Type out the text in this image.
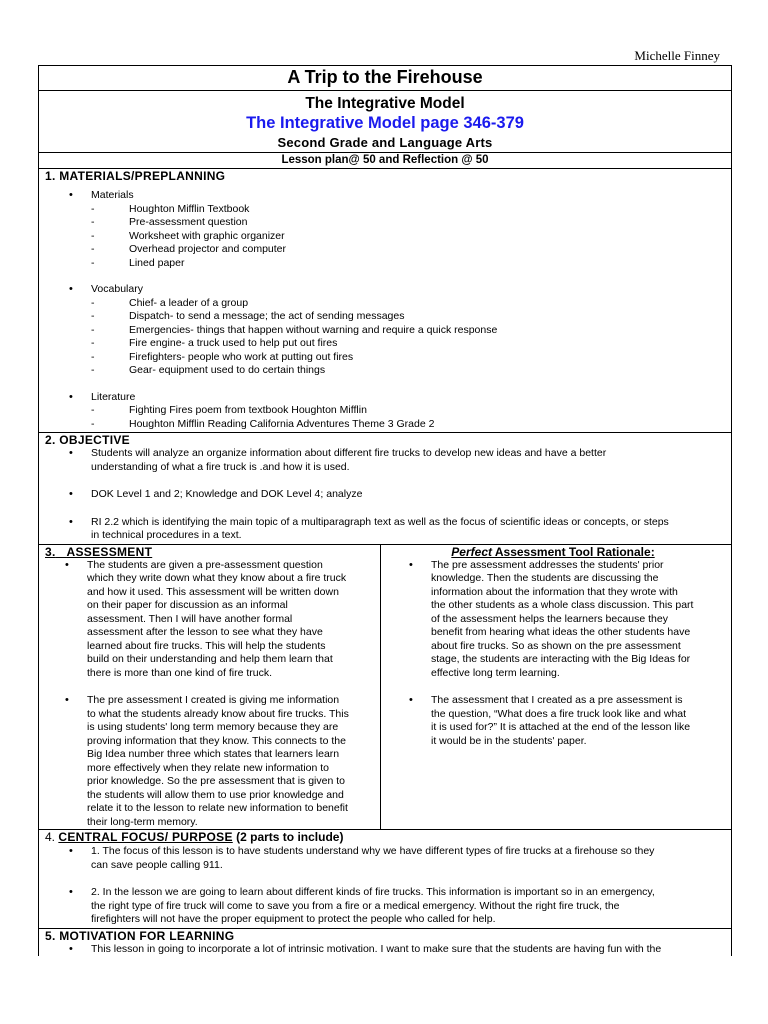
Michelle Finney
A Trip to the Firehouse
The Integrative Model
The Integrative Model page 346-379
Second Grade and Language Arts
Lesson plan@ 50 and Reflection @ 50
1. MATERIALS/PREPLANNING
• Materials
-	Houghton Mifflin Textbook
-	Pre-assessment question
-	Worksheet with graphic organizer
-	Overhead projector and computer
-	Lined paper
• Vocabulary
-	Chief- a leader of a group
-	Dispatch- to send a message; the act of sending messages
-	Emergencies- things that happen without warning and require a quick response
-	Fire engine- a truck used to help put out fires
-	Firefighters- people who work at putting out fires
-	Gear- equipment used to do certain things
• Literature
-	Fighting Fires poem from textbook Houghton Mifflin
-	Houghton Mifflin Reading California Adventures Theme 3 Grade 2
2. OBJECTIVE
• Students will analyze an organize information about different fire trucks to develop new ideas and have a better
understanding of what a fire truck is .and how it is used.
• DOK Level 1 and 2; Knowledge and DOK Level 4; analyze
• RI 2.2 which is identifying the main topic of a multiparagraph text as well as the focus of scientific ideas or concepts, or steps
in technical procedures in a text.
3. ASSESSMENT
• The students are given a pre-assessment question
which they write down what they know about a fire truck
and how it used. This assessment will be written down
on their paper for discussion as an informal
assessment. Then I will have another formal
assessment after the lesson to see what they have
learned about fire trucks. This will help the students
build on their understanding and help them learn that
there is more than one kind of fire truck.
• The pre assessment I created is giving me information
to what the students already know about fire trucks. This
is using students' long term memory because they are
proving information that they know. This connects to the
Big Idea number three which states that learners learn
more effectively when they relate new information to
prior knowledge. So the pre assessment that is given to
the students will allow them to use prior knowledge and
relate it to the lesson to relate new information to benefit
their long-term memory.
Perfect Assessment Tool Rationale:
• The pre assessment addresses the students' prior
knowledge. Then the students are discussing the
information about the information that they wrote with
the other students as a whole class discussion. This part
of the assessment helps the learners because they
benefit from hearing what ideas the other students have
about fire trucks. So as shown on the pre assessment
stage, the students are interacting with the Big Ideas for
effective long term learning.
• The assessment that I created as a pre assessment is
the question, “What does a fire truck look like and what
it is used for?” It is attached at the end of the lesson like
it would be in the students' paper.
4. CENTRAL FOCUS/ PURPOSE (2 parts to include)
• 1. The focus of this lesson is to have students understand why we have different types of fire trucks at a firehouse so they
can save people calling 911.
• 2. In the lesson we are going to learn about different kinds of fire trucks. This information is important so in an emergency,
the right type of fire truck will come to save you from a fire or a medical emergency. Without the right fire truck, the
firefighters will not have the proper equipment to protect the people who called for help.
5. MOTIVATION FOR LEARNING
• This lesson in going to incorporate a lot of intrinsic motivation. I want to make sure that the students are having fun with the
